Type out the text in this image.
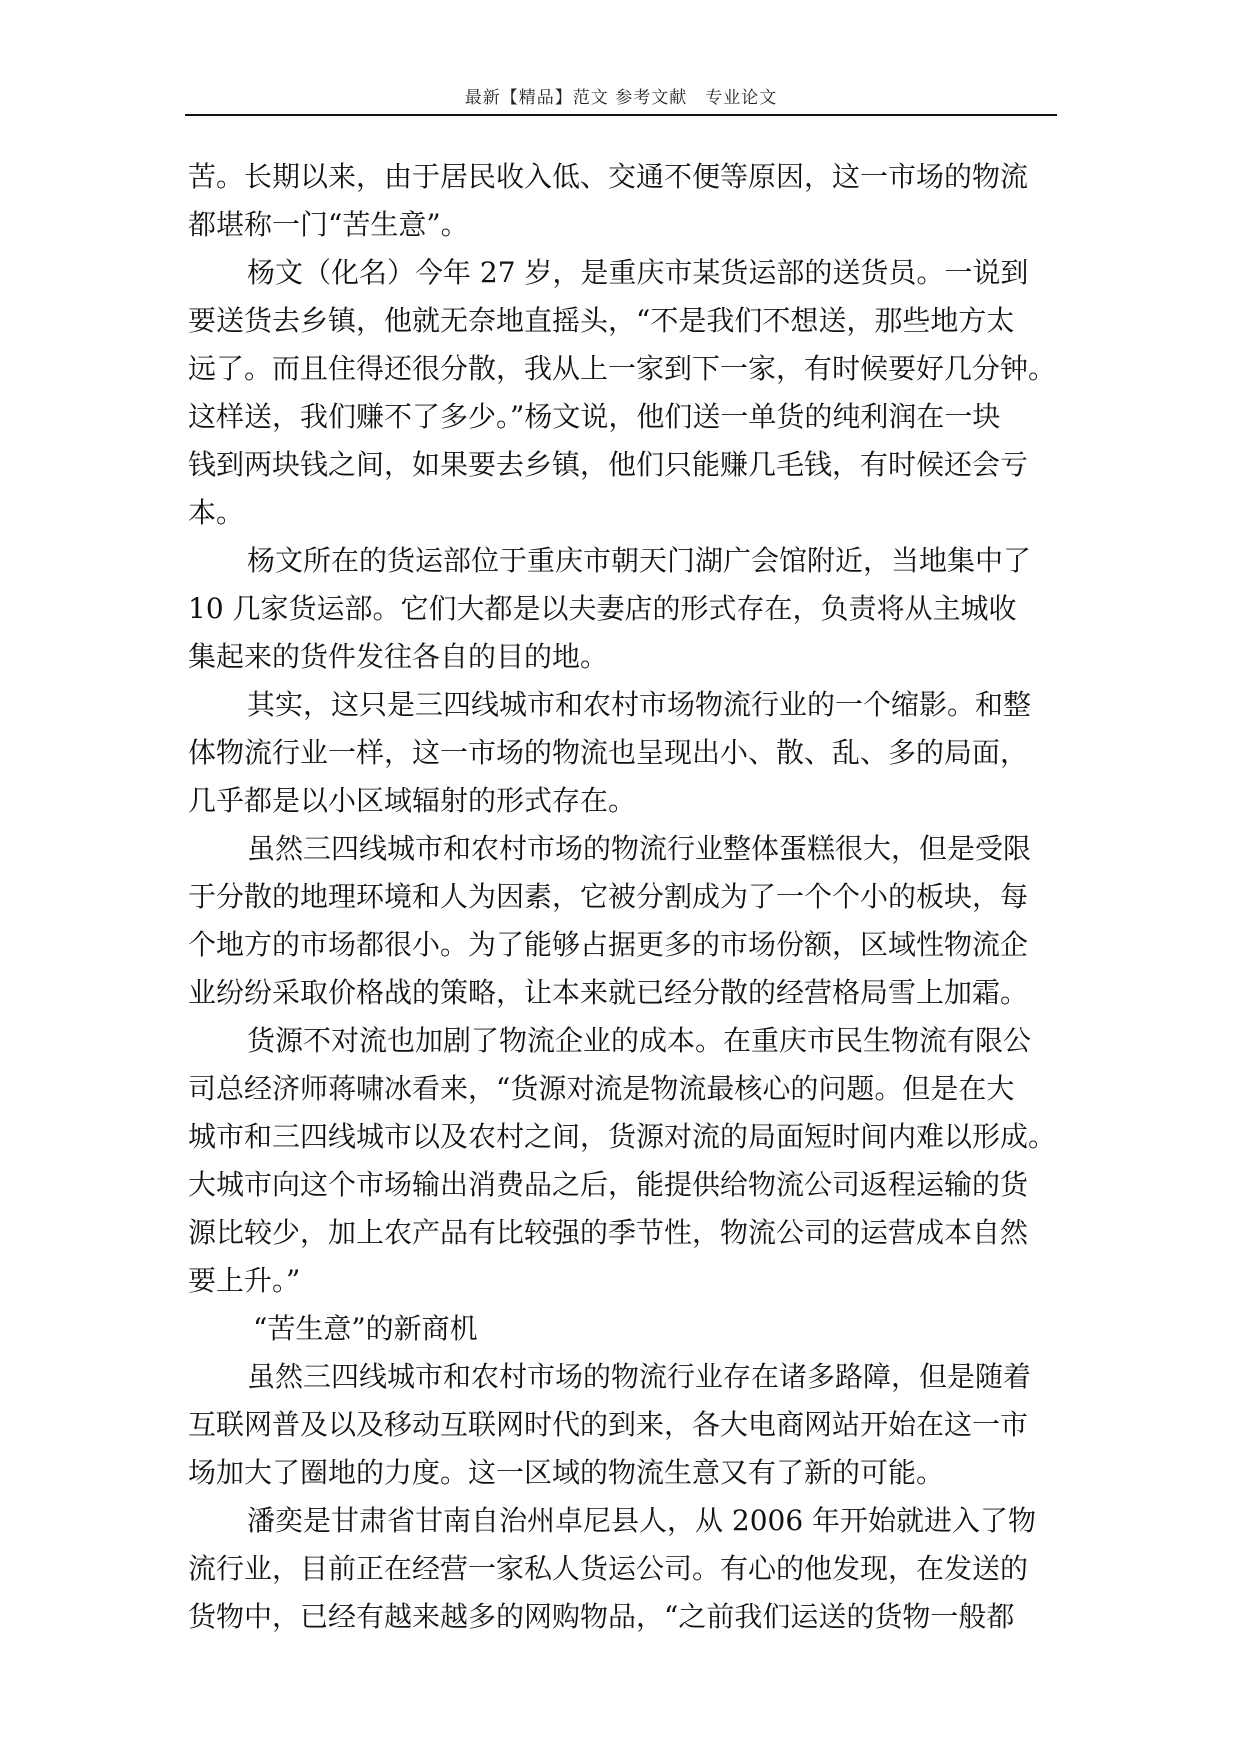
最新【精品】范文 参考文献　专业论文
苦。长期以来，由于居民收入低、交通不便等原因，这一市场的物流
都堪称一门“苦生意”。
杨文（化名）今年 27 岁，是重庆市某货运部的送货员。一说到
要送货去乡镇，他就无奈地直摇头，“不是我们不想送，那些地方太
远了。而且住得还很分散，我从上一家到下一家，有时候要好几分钟。
这样送，我们赚不了多少。”杨文说，他们送一单货的纯利润在一块
钱到两块钱之间，如果要去乡镇，他们只能赚几毛钱，有时候还会亏
本。
杨文所在的货运部位于重庆市朝天门湖广会馆附近，当地集中了
10 几家货运部。它们大都是以夫妻店的形式存在，负责将从主城收
集起来的货件发往各自的目的地。
其实，这只是三四线城市和农村市场物流行业的一个缩影。和整
体物流行业一样，这一市场的物流也呈现出小、散、乱、多的局面，
几乎都是以小区域辐射的形式存在。
虽然三四线城市和农村市场的物流行业整体蛋糕很大，但是受限
于分散的地理环境和人为因素，它被分割成为了一个个小的板块，每
个地方的市场都很小。为了能够占据更多的市场份额，区域性物流企
业纷纷采取价格战的策略，让本来就已经分散的经营格局雪上加霜。
货源不对流也加剧了物流企业的成本。在重庆市民生物流有限公
司总经济师蒋啸冰看来，“货源对流是物流最核心的问题。但是在大
城市和三四线城市以及农村之间，货源对流的局面短时间内难以形成。
大城市向这个市场输出消费品之后，能提供给物流公司返程运输的货
源比较少，加上农产品有比较强的季节性，物流公司的运营成本自然
要上升。”
“苦生意”的新商机
虽然三四线城市和农村市场的物流行业存在诸多路障，但是随着
互联网普及以及移动互联网时代的到来，各大电商网站开始在这一市
场加大了圈地的力度。这一区域的物流生意又有了新的可能。
潘奕是甘肃省甘南自治州卓尼县人，从 2006 年开始就进入了物
流行业，目前正在经营一家私人货运公司。有心的他发现，在发送的
货物中，已经有越来越多的网购物品，“之前我们运送的货物一般都
